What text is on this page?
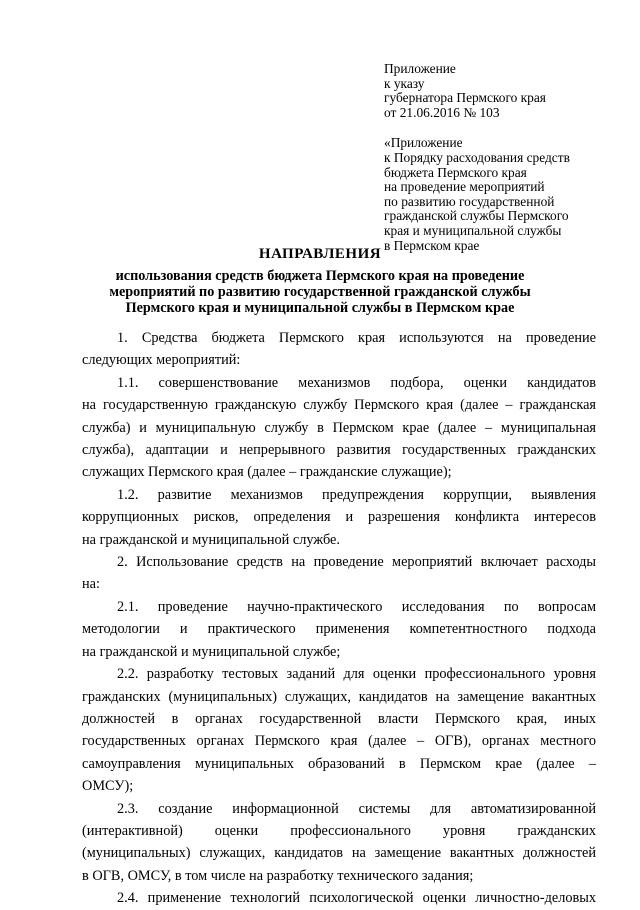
Приложение
к указу
губернатора Пермского края
от 21.06.2016 № 103
«Приложение
к Порядку расходования средств
бюджета Пермского края
на проведение мероприятий
по развитию государственной
гражданской службы Пермского
края и муниципальной службы
в Пермском крае
НАПРАВЛЕНИЯ
использования средств бюджета Пермского края на проведение
мероприятий по развитию государственной гражданской службы
Пермского края и муниципальной службы в Пермском крае
1. Средства бюджета Пермского края используются на проведение
следующих мероприятий:
1.1. совершенствование механизмов подбора, оценки кандидатов
на государственную гражданскую службу Пермского края (далее – гражданская
служба) и муниципальную службу в Пермском крае (далее – муниципальная
служба), адаптации и непрерывного развития государственных гражданских
служащих Пермского края (далее – гражданские служащие);
1.2. развитие механизмов предупреждения коррупции, выявления
коррупционных рисков, определения и разрешения конфликта интересов
на гражданской и муниципальной службе.
2. Использование средств на проведение мероприятий включает расходы
на:
2.1. проведение научно-практического исследования по вопросам
методологии и практического применения компетентностного подхода
на гражданской и муниципальной службе;
2.2. разработку тестовых заданий для оценки профессионального уровня
гражданских (муниципальных) служащих, кандидатов на замещение вакантных
должностей в органах государственной власти Пермского края, иных
государственных органах Пермского края (далее – ОГВ), органах местного
самоуправления муниципальных образований в Пермском крае (далее –
ОМСУ);
2.3. создание информационной системы для автоматизированной
(интерактивной) оценки профессионального уровня гражданских
(муниципальных) служащих, кандидатов на замещение вакантных должностей
в ОГВ, ОМСУ, в том числе на разработку технического задания;
2.4. применение технологий психологической оценки личностно-деловых
